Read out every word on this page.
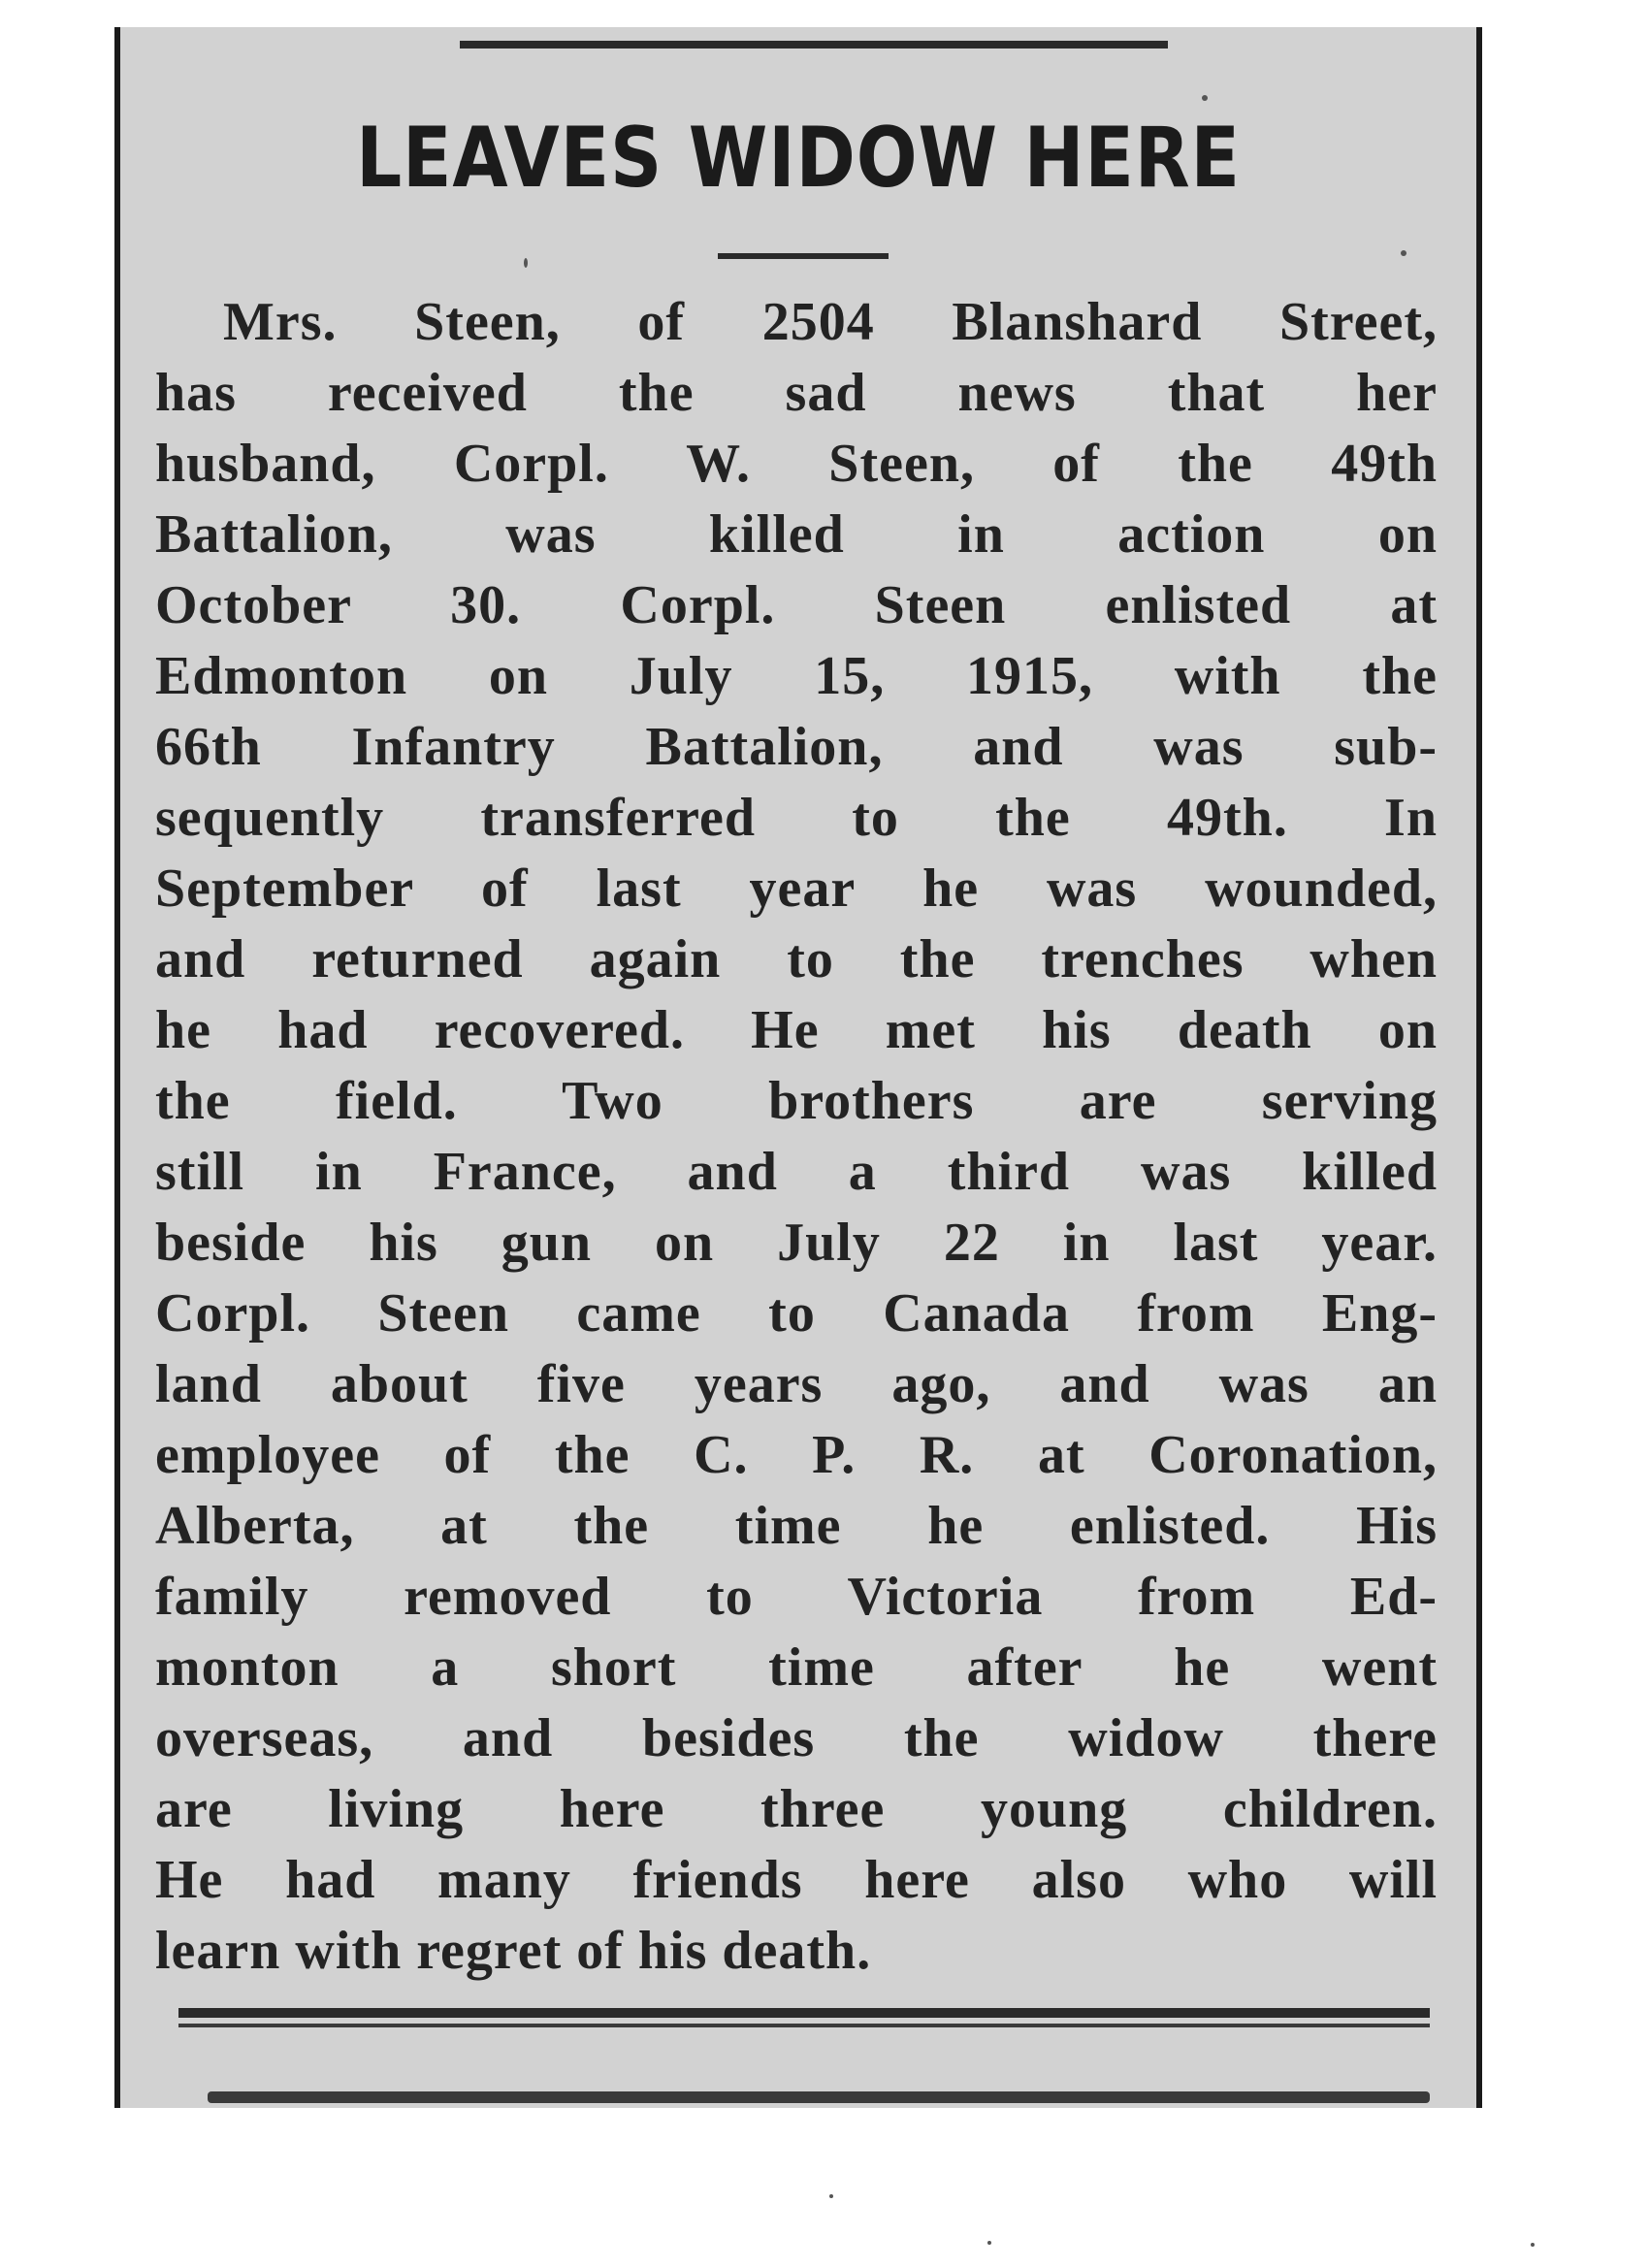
LEAVES WIDOW HERE
Mrs. Steen, of 2504 Blanshard Street,
has received the sad news that her
husband, Corpl. W. Steen, of the 49th
Battalion, was killed in action on
October 30. Corpl. Steen enlisted at
Edmonton on July 15, 1915, with the
66th Infantry Battalion, and was sub-
sequently transferred to the 49th. In
September of last year he was wounded,
and returned again to the trenches when
he had recovered. He met his death on
the field. Two brothers are serving
still in France, and a third was killed
beside his gun on July 22 in last year.
Corpl. Steen came to Canada from Eng-
land about five years ago, and was an
employee of the C. P. R. at Coronation,
Alberta, at the time he enlisted. His
family removed to Victoria from Ed-
monton a short time after he went
overseas, and besides the widow there
are living here three young children.
He had many friends here also who will
learn with regret of his death.
